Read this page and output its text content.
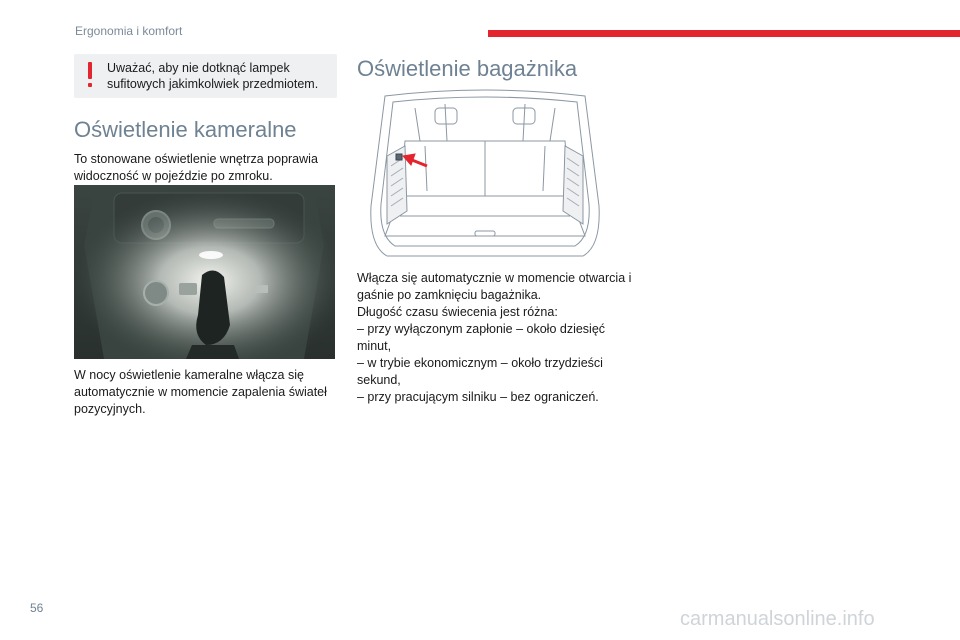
Ergonomia i komfort
Uważać, aby nie dotknąć lampek sufitowych jakimkolwiek przedmiotem.
Oświetlenie kameralne

To stonowane oświetlenie wnętrza poprawia widoczność w pojeździe po zmroku.

W nocy oświetlenie kameralne włącza się automatycznie w momencie zapalenia świateł pozycyjnych.

Oświetlenie bagażnika
Włącza się automatycznie w momencie otwarcia i gaśnie po zamknięciu bagażnika.
Długość czasu świecenia jest różna:
– przy wyłączonym zapłonie – około dziesięć minut,
– w trybie ekonomicznym – około trzydzieści sekund,
– przy pracującym silniku – bez ograniczeń.
56	carmanualsonline.info
